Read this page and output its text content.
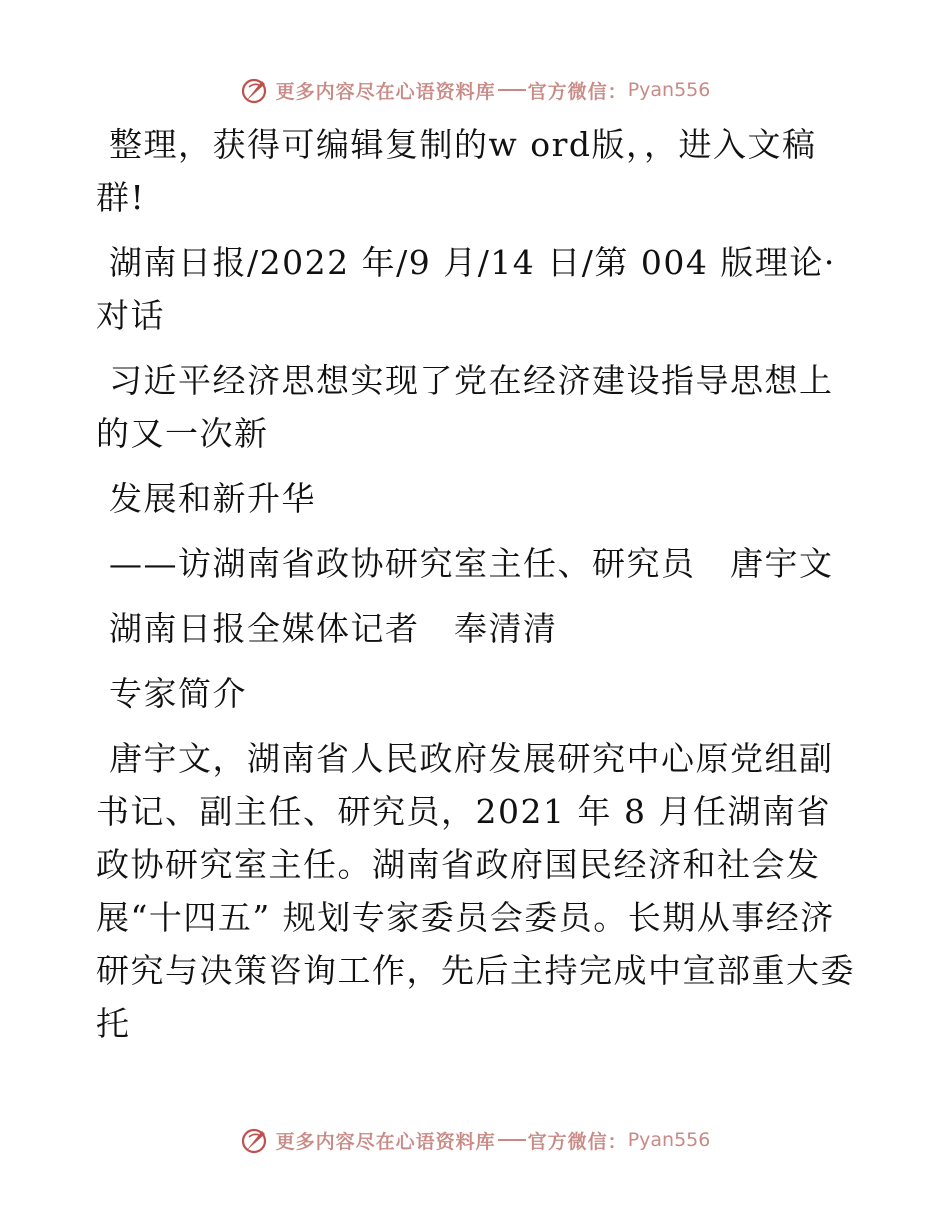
更多内容尽在心语资料库 官方微信： Pyan556

整理，获得可编辑复制的w ord版，，进入文稿群!

湖南日报/2022 年/9 月/14 日/第 004 版理论·对话

习近平经济思想实现了党在经济建设指导思想上的又一次新

发展和新升华

——访湖南省政协研究室主任、研究员　唐宇文

湖南日报全媒体记者　奉清清

专家简介

唐宇文，湖南省人民政府发展研究中心原党组副书记、副主任、研究员，2021 年 8 月任湖南省政协研究室主任。湖南省政府国民经济和社会发展“十四五” 规划专家委员会委员。长期从事经济研究与决策咨询工作，先后主持完成中宣部重大委托

更多内容尽在心语资料库 官方微信： Pyan556
